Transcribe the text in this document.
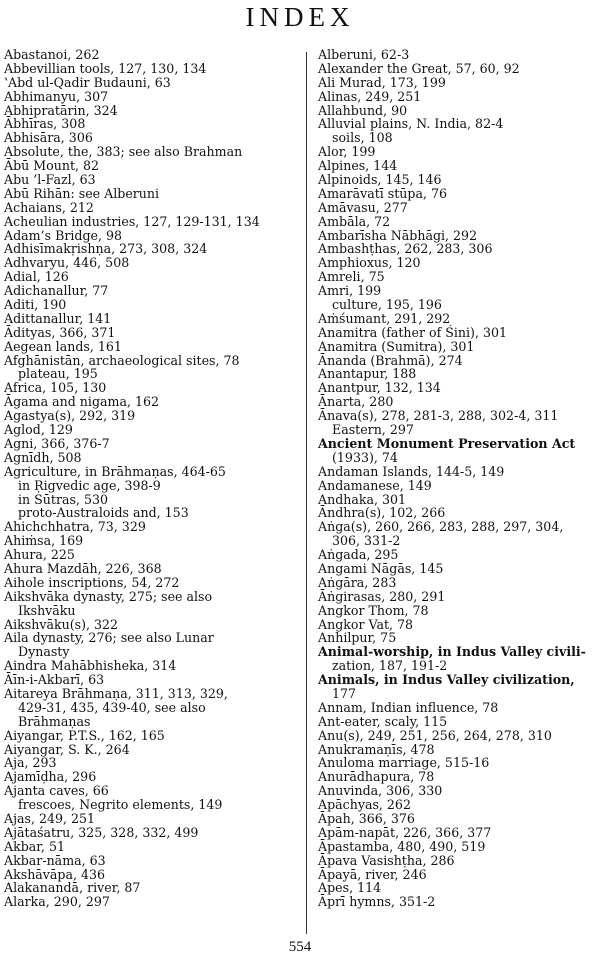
INDEX
Abastanoi, 262
Abbevillian tools, 127, 130, 134
ʽAbd ul-Qadir Budauni, 63
Abhimanyu, 307
Abhipratārin, 324
Ābhīras, 308
Abhisāra, 306
Absolute, the, 383; see also Brahman
Ābū Mount, 82
Abu ’l-Fazl, 63
Abū Rihān: see Alberuni
Achaians, 212
Acheulian industries, 127, 129-131, 134
Adam’s Bridge, 98
Adhisīmakṛishṇa, 273, 308, 324
Adhvaryu, 446, 508
Adial, 126
Adichanallur, 77
Aditi, 190
Adittanallur, 141
Ādityas, 366, 371
Aegean lands, 161
Afghānistān, archaeological sites, 78
plateau, 195
Africa, 105, 130
Āgama and nigama, 162
Agastya(s), 292, 319
Aglod, 129
Agni, 366, 376-7
Agnīdh, 508
Agriculture, in Brāhmaṇas, 464-65
in Ṛigvedic age, 398-9
in Sūtras, 530
proto-Australoids and, 153
Ahichchhatra, 73, 329
Ahiṁsa, 169
Ahura, 225
Ahura Mazdāh, 226, 368
Aihole inscriptions, 54, 272
Aikshvāka dynasty, 275; see also
Ikshvāku
Aikshvāku(s), 322
Aila dynasty, 276; see also Lunar
Dynasty
Aindra Mahābhisheka, 314
Āīn-i-Akbarī, 63
Aitareya Brāhmaṇa, 311, 313, 329,
429-31, 435, 439-40, see also
Brāhmaṇas
Aiyangar, P.T.S., 162, 165
Aiyangar, S. K., 264
Aja, 293
Ajamīḍha, 296
Ajanta caves, 66
frescoes, Negrito elements, 149
Ajas, 249, 251
Ajātaśatru, 325, 328, 332, 499
Akbar, 51
Akbar-nāma, 63
Akshāvāpa, 436
Alakanandā, river, 87
Alarka, 290, 297
Alberuni, 62-3
Alexander the Great, 57, 60, 92
Ali Murad, 173, 199
Alinas, 249, 251
Allahbund, 90
Alluvial plains, N. India, 82-4
soils, 108
Alor, 199
Alpines, 144
Alpinoids, 145, 146
Amarāvatī stūpa, 76
Amāvasu, 277
Ambāla, 72
Ambarīsha Nābhāgi, 292
Ambashṭhas, 262, 283, 306
Amphioxus, 120
Amreli, 75
Amri, 199
culture, 195, 196
Aṁśumant, 291, 292
Anamitra (father of Śini), 301
Anamitra (Sumitra), 301
Ānanda (Brahmā), 274
Anantapur, 188
Anantpur, 132, 134
Ānarta, 280
Ānava(s), 278, 281-3, 288, 302-4, 311
Eastern, 297
Ancient Monument Preservation Act
(1933), 74
Andaman Islands, 144-5, 149
Andamanese, 149
Andhaka, 301
Āndhra(s), 102, 266
Aṅga(s), 260, 266, 283, 288, 297, 304,
306, 331-2
Aṅgada, 295
Angami Nāgās, 145
Aṅgāra, 283
Āṅgirasas, 280, 291
Angkor Thom, 78
Angkor Vat, 78
Anhilpur, 75
Animal-worship, in Indus Valley civili-
zation, 187, 191-2
Animals, in Indus Valley civilization,
177
Annam, Indian influence, 78
Ant-eater, scaly, 115
Anu(s), 249, 251, 256, 264, 278, 310
Anukramaṇīs, 478
Anuloma marriage, 515-16
Anurādhapura, 78
Anuvinda, 306, 330
Apāchyas, 262
Āpah, 366, 376
Apām-napāt, 226, 366, 377
Āpastamba, 480, 490, 519
Āpava Vasishṭha, 286
Āpayā, river, 246
Apes, 114
Āprī hymns, 351-2
554
